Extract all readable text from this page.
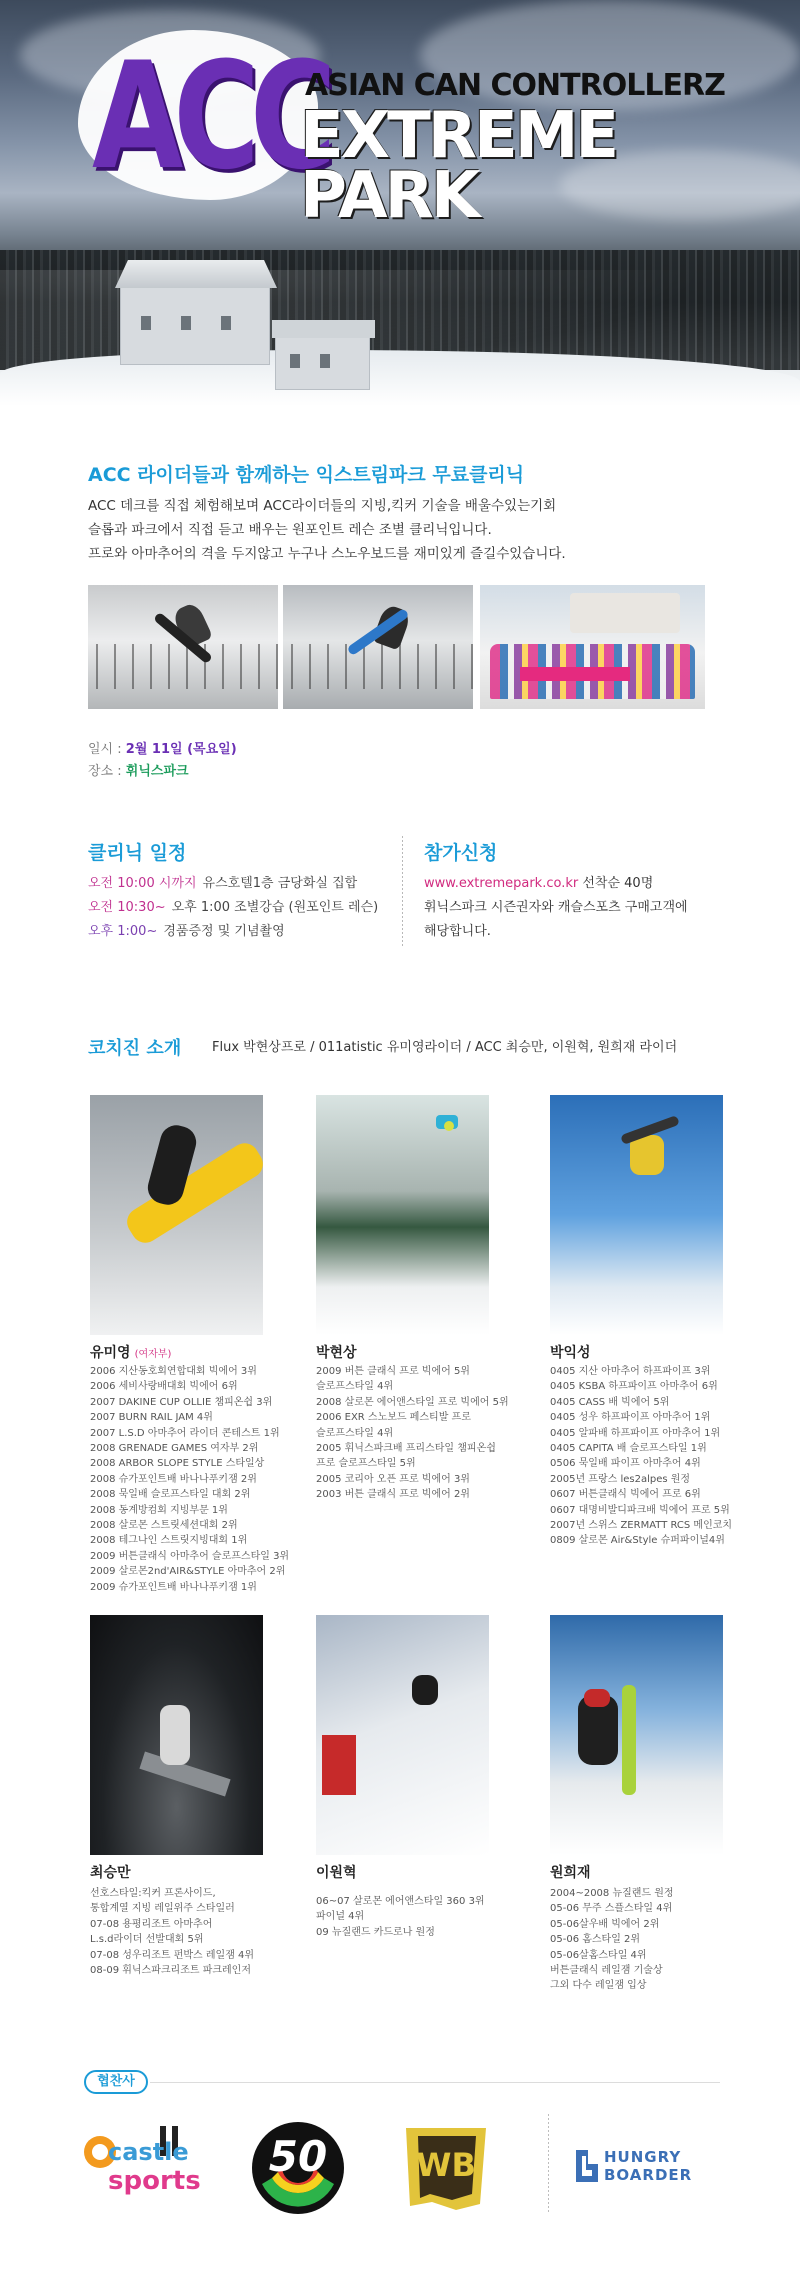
ACC
ASIAN CAN CONTROLLERZ
EXTREME
PARK
ACC 라이더들과 함께하는 익스트림파크 무료클리닉

ACC 데크를 직접 체험해보며 ACC라이더들의 지빙,킥커 기술을 배울수있는기회

슬롭과 파크에서 직접 듣고 배우는 원포인트 레슨 조별 클리닉입니다.

프로와 아마추어의 격을 두지않고 누구나 스노우보드를 재미있게 즐길수있습니다.

일시 : 2월 11일 (목요일)
장소 : 휘닉스파크
클리닉 일정
오전 10:00 시까지 유스호텔1층 금당화실 집합
오전 10:30~ 오후 1:00 조별강습 (원포인트 레슨)
오후 1:00~ 경품증정 및 기념촬영
참가신청
www.extremepark.co.kr 선착순 40명
휘닉스파크 시즌권자와 캐슬스포츠 구매고객에
해당합니다.
코치진 소개 Flux 박현상프로 / 011atistic 유미영라이더 / ACC 최승만, 이원혁, 원희재 라이더
유미영 (여자부)	박현상	박익성
2006 지산동호회연합대회 빅에어 3위
2006 세비사랑배대회 빅에어 6위
2007 DAKINE CUP OLLIE 챔피온쉽 3위
2007 BURN RAIL JAM 4위
2007 L.S.D 아마추어 라이더 콘테스트 1위
2008 GRENADE GAMES 여자부 2위
2008 ARBOR SLOPE STYLE 스타일상
2008 슈가포인트배 바나나푸키잼 2위
2008 묵일배 슬로프스타일 대회 2위
2008 동계방컴회 지빙부문 1위
2008 살로몬 스트릿세션대회 2위
2008 테그나인 스트릿지빙대회 1위
2009 버튼클래식 아마추어 슬로프스타일 3위
2009 살로몬2nd'AIR&STYLE 아마추어 2위
2009 슈가포인트배 바나나푸키잼 1위
2009 버튼 클래식 프로 빅에어 5위
슬로프스타일 4위
2008 살로몬 에어앤스타일 프로 빅에어 5위
2006 EXR 스노보드 페스티발 프로
슬로프스타일 4위
2005 휘닉스파크배 프리스타일 챔피온쉽
프로 슬로프스타일 5위
2005 코리아 오픈 프로 빅에어 3위
2003 버튼 클래식 프로 빅에어 2위
0405 지산 아마추어 하프파이프 3위
0405 KSBA 하프파이프 아마추어 6위
0405 CASS 배 빅에어 5위
0405 성우 하프파이프 아마추어 1위
0405 알파배 하프파이프 아마추어 1위
0405 CAPITA 배 슬로프스타일 1위
0506 묵일배 파이프 아마추어 4위
2005년 프랑스 les2alpes 원정
0607 버튼클래식 빅에어 프로 6위
0607 대명비발디파크배 빅에어 프로 5위
2007년 스위스 ZERMATT RCS 메인코치
0809 살로몬 Air&Style 슈퍼파이널4위
최승만	이원혁	원희재
선호스타일:킥커 프론사이드,
통합계열 지빙 레일위주 스타일러
07-08 용평리조트 아마추어
L.s.d라이더 선발대회 5위
07-08 성우리조트 펀박스 레일잼 4위
08-09 휘닉스파크리조트 파크레인저
06~07 살로몬 에어앤스타일 360 3위
파이널 4위
09 뉴질랜드 카드로나 원정
2004~2008 뉴질랜드 원정
05-06 무주 스플스타일 4위
05-06살우배 빅에어 2위
05-06 홈스타일 2위
05-06살홈스타일 4위
버튼클래식 레일잼 기술상
그외 다수 레일잼 입상
협찬사
castle
sports 50	WB	HUNGRY
BOARDER
